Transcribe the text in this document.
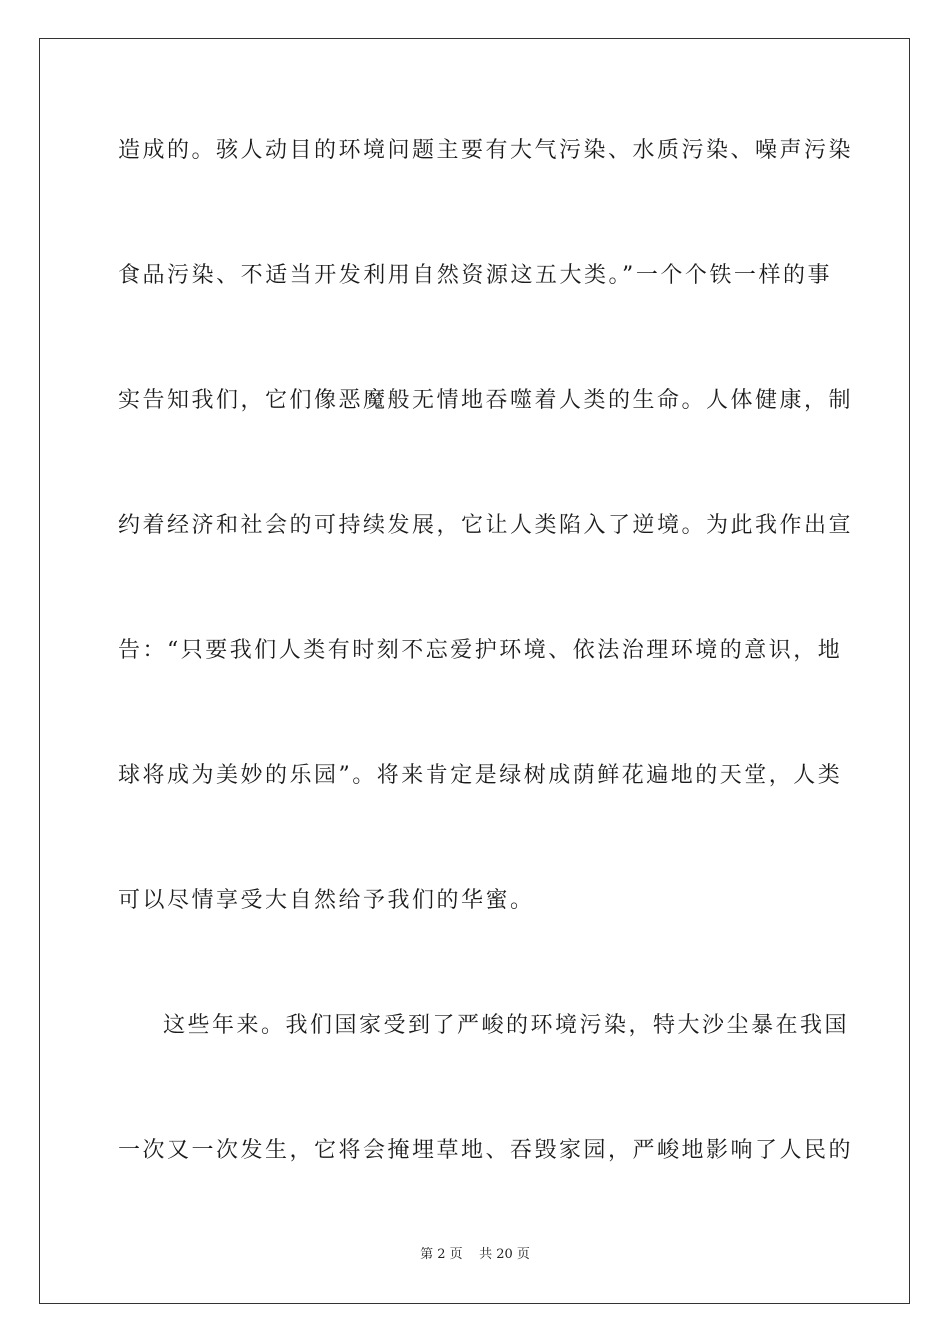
造成的。骇人动目的环境问题主要有大气污染、水质污染、噪声污染
食品污染、不适当开发利用自然资源这五大类。”一个个铁一样的事
实告知我们，它们像恶魔般无情地吞噬着人类的生命。人体健康，制
约着经济和社会的可持续发展，它让人类陷入了逆境。为此我作出宣
告：“只要我们人类有时刻不忘爱护环境、依法治理环境的意识，地
球将成为美妙的乐园”。将来肯定是绿树成荫鲜花遍地的天堂，人类
可以尽情享受大自然给予我们的华蜜。
这些年来。我们国家受到了严峻的环境污染，特大沙尘暴在我国
一次又一次发生，它将会掩埋草地、吞毁家园，严峻地影响了人民的
第 2 页    共 20 页
